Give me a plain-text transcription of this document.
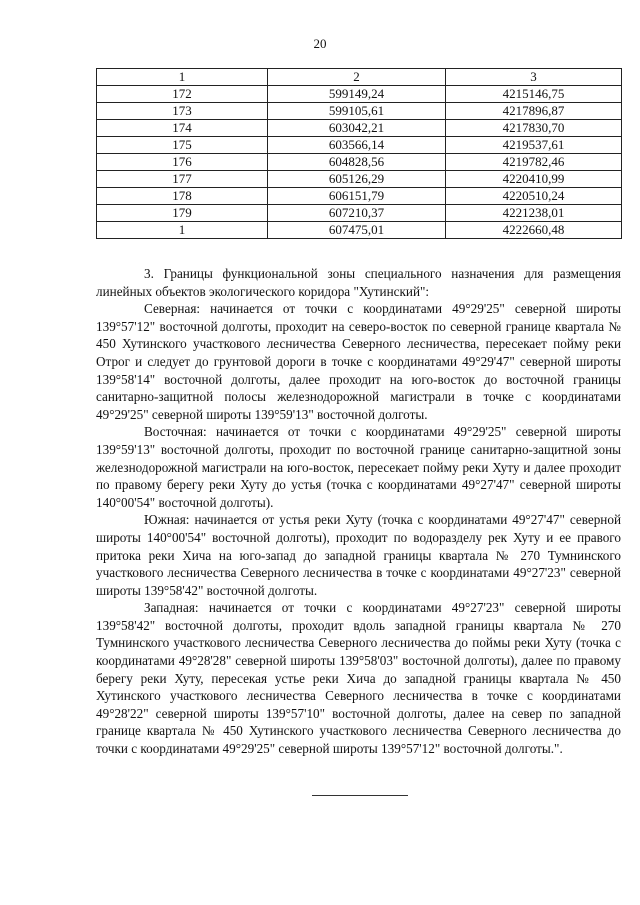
20
1	2	3
172	599149,24	4215146,75
173	599105,61	4217896,87
174	603042,21	4217830,70
175	603566,14	4219537,61
176	604828,56	4219782,46
177	605126,29	4220410,99
178	606151,79	4220510,24
179	607210,37	4221238,01
1	607475,01	4222660,48

3. Границы функциональной зоны специального назначения для размещения линейных объектов экологического коридора "Хутинский":

Северная: начинается от точки с координатами 49°29'25" северной широты 139°57'12" восточной долготы, проходит на северо-восток по северной границе квартала № 450 Хутинского участкового лесничества Северного лесничества, пересекает пойму реки Отрог и следует до грунтовой дороги в точке с координатами 49°29'47" северной широты 139°58'14" восточной долготы, далее проходит на юго-восток до восточной границы санитарно-защитной полосы железнодорожной магистрали в точке с координатами 49°29'25" северной широты 139°59'13" восточной долготы.

Восточная: начинается от точки с координатами 49°29'25" северной широты 139°59'13" восточной долготы, проходит по восточной границе санитарно-защитной зоны железнодорожной магистрали на юго-восток, пересекает пойму реки Хуту и далее проходит по правому берегу реки Хуту до устья (точка с координатами 49°27'47" северной широты 140°00'54" восточной долготы).

Южная: начинается от устья реки Хуту (точка с координатами 49°27'47" северной широты 140°00'54" восточной долготы), проходит по водоразделу рек Хуту и ее правого притока реки Хича на юго-запад до западной границы квартала № 270 Тумнинского участкового лесничества Северного лесничества в точке с координатами 49°27'23" северной широты 139°58'42" восточной долготы.

Западная: начинается от точки с координатами 49°27'23" северной широты 139°58'42" восточной долготы, проходит вдоль западной границы квартала № 270 Тумнинского участкового лесничества Северного лесничества до поймы реки Хуту (точка с координатами 49°28'28" северной широты 139°58'03" восточной долготы), далее по правому берегу реки Хуту, пересекая устье реки Хича до западной границы квартала № 450 Хутинского участкового лесничества Северного лесничества в точке с координатами 49°28'22" северной широты 139°57'10" восточной долготы, далее на север по западной границе квартала № 450 Хутинского участкового лесничества Северного лесничества до точки с координатами 49°29'25" северной широты 139°57'12" восточной долготы.".
